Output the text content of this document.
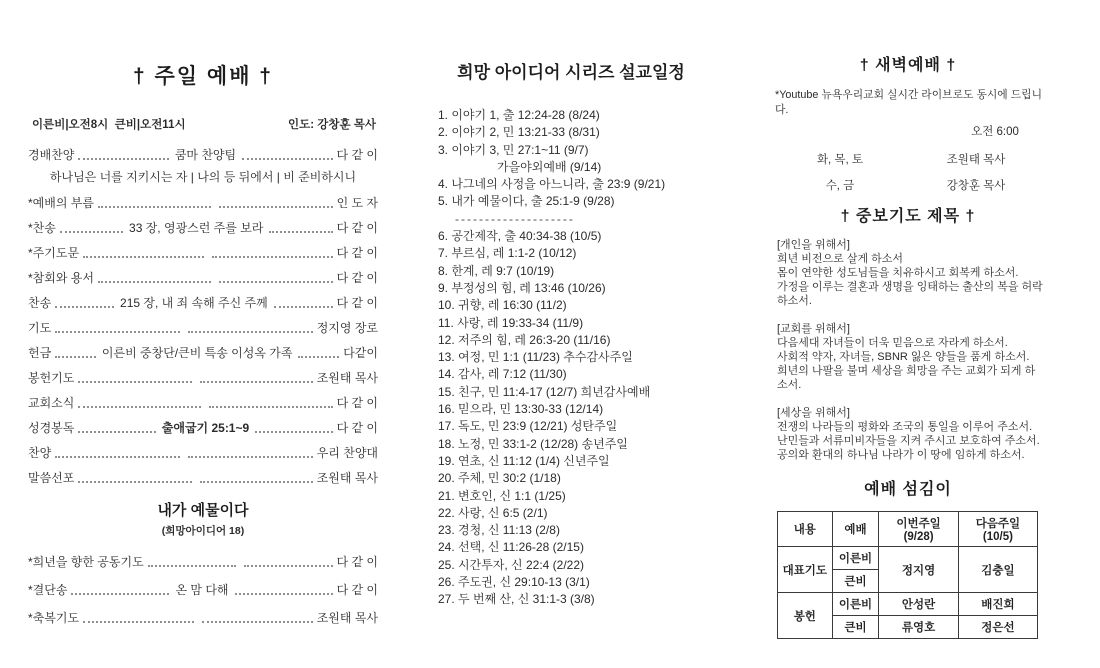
† 주일 예배 †
이른비|오전8시  큰비|오전11시	인도: 강창훈 목사
경배찬양	쿰마 찬양팀	다 같 이
하나님은 너를 지키시는 자 | 나의 등 뒤에서 | 비 준비하시니
*예배의 부름	인 도 자
*찬송	33 장, 영광스런 주를 보라	다 같 이
*주기도문	다 같 이
*참회와 용서	다 같 이
찬송	215 장, 내 죄 속해 주신 주께	다 같 이
기도	정지영 장로
헌금	이른비 중창단/큰비 특송 이성옥 가족	다같이
봉헌기도	조원태 목사
교회소식	다 같 이
성경봉독	출애굽기 25:1~9	다 같 이
찬양	우리 찬양대
말씀선포	조원태 목사
내가 예물이다
(희망아이디어 18)
*희년을 향한 공동기도	다 같 이
*결단송	온 맘 다해	다 같 이
*축복기도	조원태 목사
희망 아이디어 시리즈 설교일정
1. 이야기 1, 출 12:24-28 (8/24)
2. 이야기 2, 민 13:21-33 (8/31)
3. 이야기 3, 민 27:1~11 (9/7)
가을야외예배 (9/14)
4. 나그네의 사정을 아느니라, 출 23:9 (9/21)
5. 내가 예물이다, 출 25:1-9 (9/28)
--------------------
6. 공간제작, 출 40:34-38 (10/5)
7. 부르심, 레 1:1-2 (10/12)
8. 한계, 레 9:7 (10/19)
9. 부정성의 힘, 레 13:46 (10/26)
10. 귀향, 레 16:30 (11/2)
11. 사랑, 레 19:33-34 (11/9)
12. 저주의 힘, 레 26:3-20 (11/16)
13. 여정, 민 1:1 (11/23) 추수감사주일
14. 감사, 레 7:12 (11/30)
15. 친구, 민 11:4-17 (12/7) 희년감사예배
16. 믿으라, 민 13:30-33 (12/14)
17. 독도, 민 23:9 (12/21) 성탄주일
18. 노정, 민 33:1-2 (12/28) 송년주일
19. 연초, 신 11:12 (1/4) 신년주일
20. 주체, 민 30:2 (1/18)
21. 변호인, 신 1:1 (1/25)
22. 사랑, 신 6:5 (2/1)
23. 경청, 신 11:13 (2/8)
24. 선택, 신 11:26-28 (2/15)
25. 시간투자, 신 22:4 (2/22)
26. 주도권, 신 29:10-13 (3/1)
27. 두 번째 산, 신 31:1-3 (3/8)
† 새벽예배 †
*Youtube 뉴욕우리교회 실시간 라이브로도 동시에 드립니다.
오전 6:00
화, 목, 토	조원태 목사
수, 금	강창훈 목사
† 중보기도 제목 †
[개인을 위해서]
희년 비전으로 살게 하소서
몸이 연약한 성도님들을 치유하시고 회복케 하소서.
가정을 이루는 결혼과 생명을 잉태하는 출산의 복을 허락하소서.
[교회를 위해서]
다음세대 자녀들이 더욱 믿음으로 자라게 하소서.
사회적 약자, 자녀들, SBNR 잃은 양들을 품게 하소서.
희년의 나팔을 불며 세상을 희망을 주는 교회가 되게 하소서.
[세상을 위해서]
전쟁의 나라들의 평화와 조국의 통일을 이루어 주소서.
난민들과 서류미비자들을 지켜 주시고 보호하여 주소서.
공의와 환대의 하나님 나라가 이 땅에 임하게 하소서.
예배 섬김이
내용	예배	이번주일(9/28)	다음주일(10/5)
대표기도	이른비	정지영	김충일
	큰비		
봉헌	이른비	안성란	배진희
	큰비	류영호	정은선
